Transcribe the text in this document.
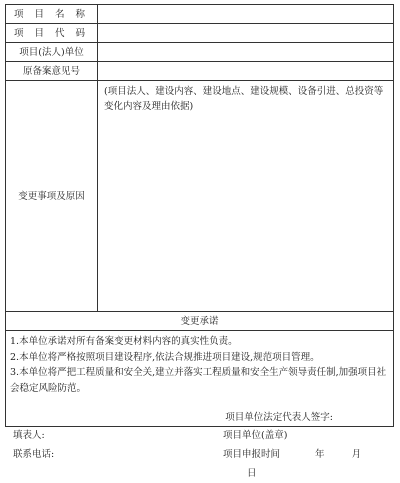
项 目 名 称	
项 目 代 码	
项目(法人)单位	
原备案意见号	
变更事项及原因	(项目法人、建设内容、建设地点、建设规模、设备引进、总投资等变化内容及理由依据)
变更承诺	

1.本单位承诺对所有备案变更材料内容的真实性负责。

2.本单位将严格按照项目建设程序,依法合规推进项目建设,规范项目管理。

3.本单位将严把工程质量和安全关,建立并落实工程质量和安全生产领导责任制,加强项目社会稳定风险防范。

项目单位法定代表人签字:	

填表人:	项目单位(盖章)
联系电话:	项目申报时间	年	月 日
